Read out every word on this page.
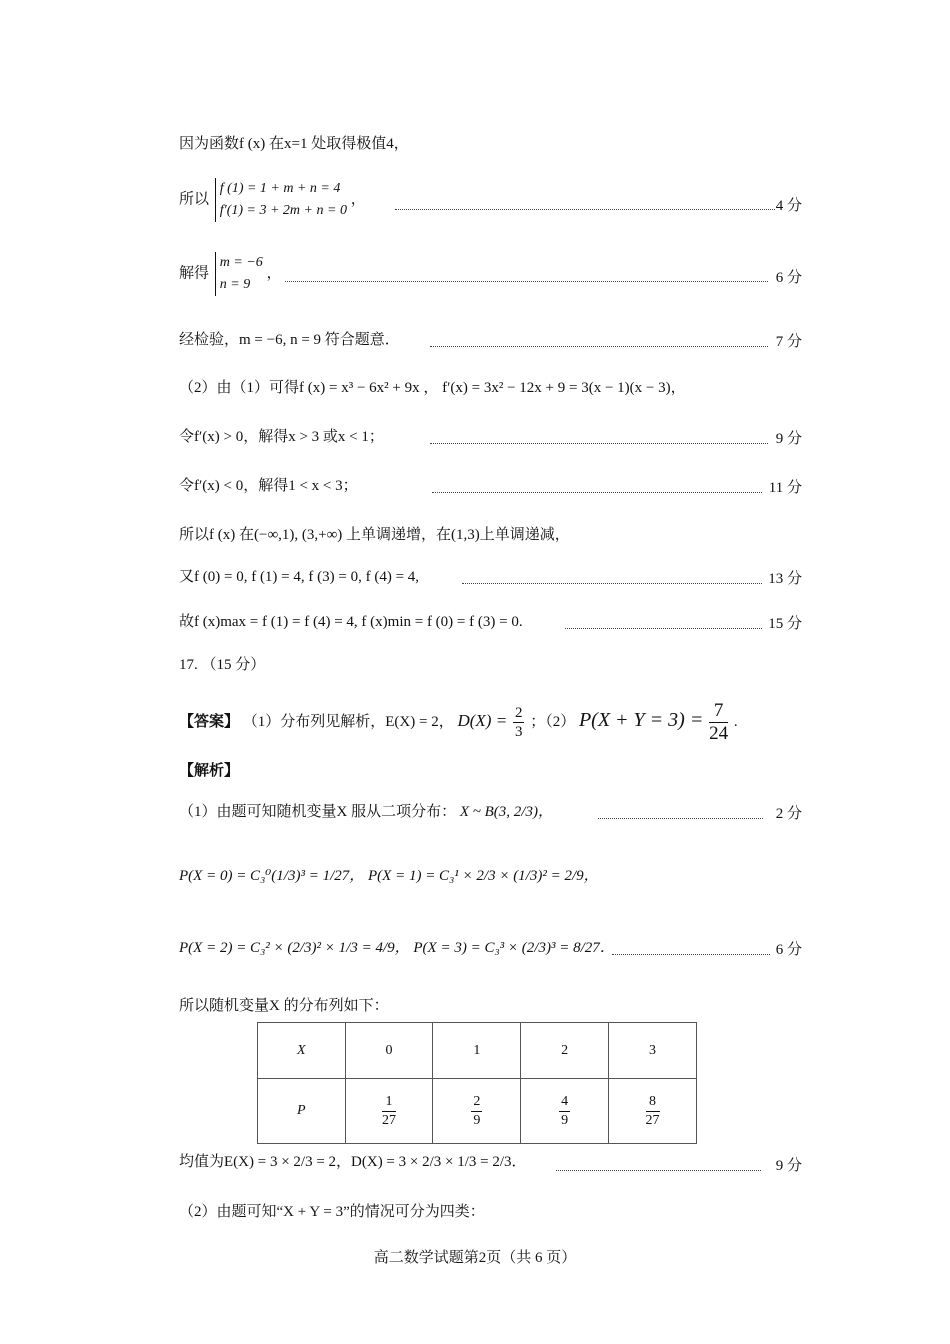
因为函数f (x) 在x=1 处取得极值4，
所以
f (1) = 1 + m + n = 4
f′(1) = 3 + 2m + n = 0
，	4 分
解得
m = −6
n = 9
，	6 分
经检验，m = −6, n = 9 符合题意．	7 分
（2）由（1）可得f (x) = x³ − 6x² + 9x ， f′(x) = 3x² − 12x + 9 = 3(x − 1)(x − 3)，
令f′(x) > 0，解得x > 3 或x < 1；	9 分
令f′(x) < 0，解得1 < x < 3；	11 分
所以f (x) 在(−∞,1), (3,+∞) 上单调递增，在(1,3)上单调递减，
又f (0) = 0, f (1) = 4, f (3) = 0, f (4) = 4,	13 分
故f (x)max = f (1) = f (4) = 4, f (x)min = f (0) = f (3) = 0.	15 分
17. （15 分）
【答案】 （1）分布列见解析，E(X) = 2， $D(X) = \frac{2}{3}$ ；（2） $P(X + Y = 3) = \frac{7}{24}$ .
【解析】
（1）由题可知随机变量X 服从二项分布： X ~ B(3, 2/3)，	2 分
P(X = 0) = C₃⁰(1/3)³ = 1/27， P(X = 1) = C₃¹ × 2/3 × (1/3)² = 2/9，
P(X = 2) = C₃² × (2/3)² × 1/3 = 4/9， P(X = 3) = C₃³ × (2/3)³ = 8/27．	6 分
所以随机变量X 的分布列如下：
X	0	1	2	3
P	$\frac{1}{27}$	$\frac{2}{9}$	$\frac{4}{9}$	$\frac{8}{27}$
均值为E(X) = 3 × 2/3 = 2，D(X) = 3 × 2/3 × 1/3 = 2/3．	9 分
（2）由题可知“X + Y = 3”的情况可分为四类：
高二数学试题第2页（共 6 页）
